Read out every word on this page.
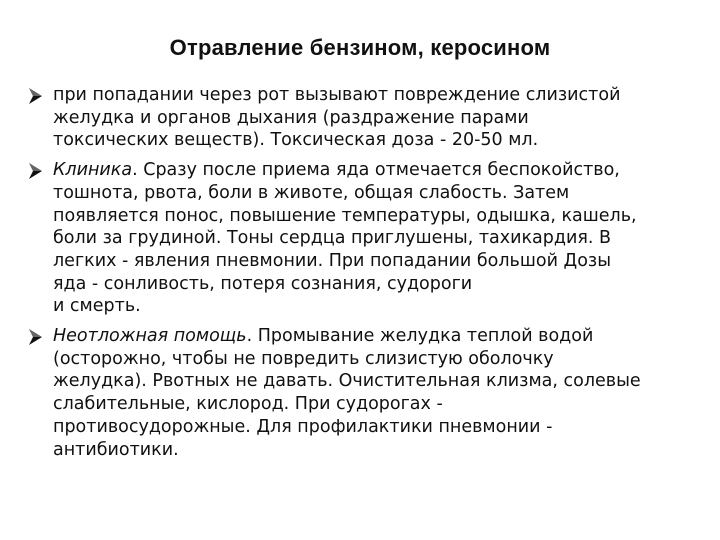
Отравление бензином, керосином
при попадании через рот вызывают повреждение слизистой
желудка и органов дыхания (раздражение парами
токсических веществ). Токсическая доза - 20-50 мл.
Клиника. Сразу после приема яда отмечается беспокойство,
тошнота, рвота, боли в животе, общая слабость. Затем
появляется понос, повышение температуры, одышка, кашель,
боли за грудиной. Тоны сердца приглушены, тахикардия. В
легких - явления пневмонии. При попадании большой Дозы
яда - сонливость, потеря сознания, судороги
и смерть.
Неотложная помощь. Промывание желудка теплой водой
(осторожно, чтобы не повредить слизистую оболочку
желудка). Рвотных не давать. Очистительная клизма, солевые
слабительные, кислород. При судорогах -
противосудорожные. Для профилактики пневмонии -
антибиотики.
